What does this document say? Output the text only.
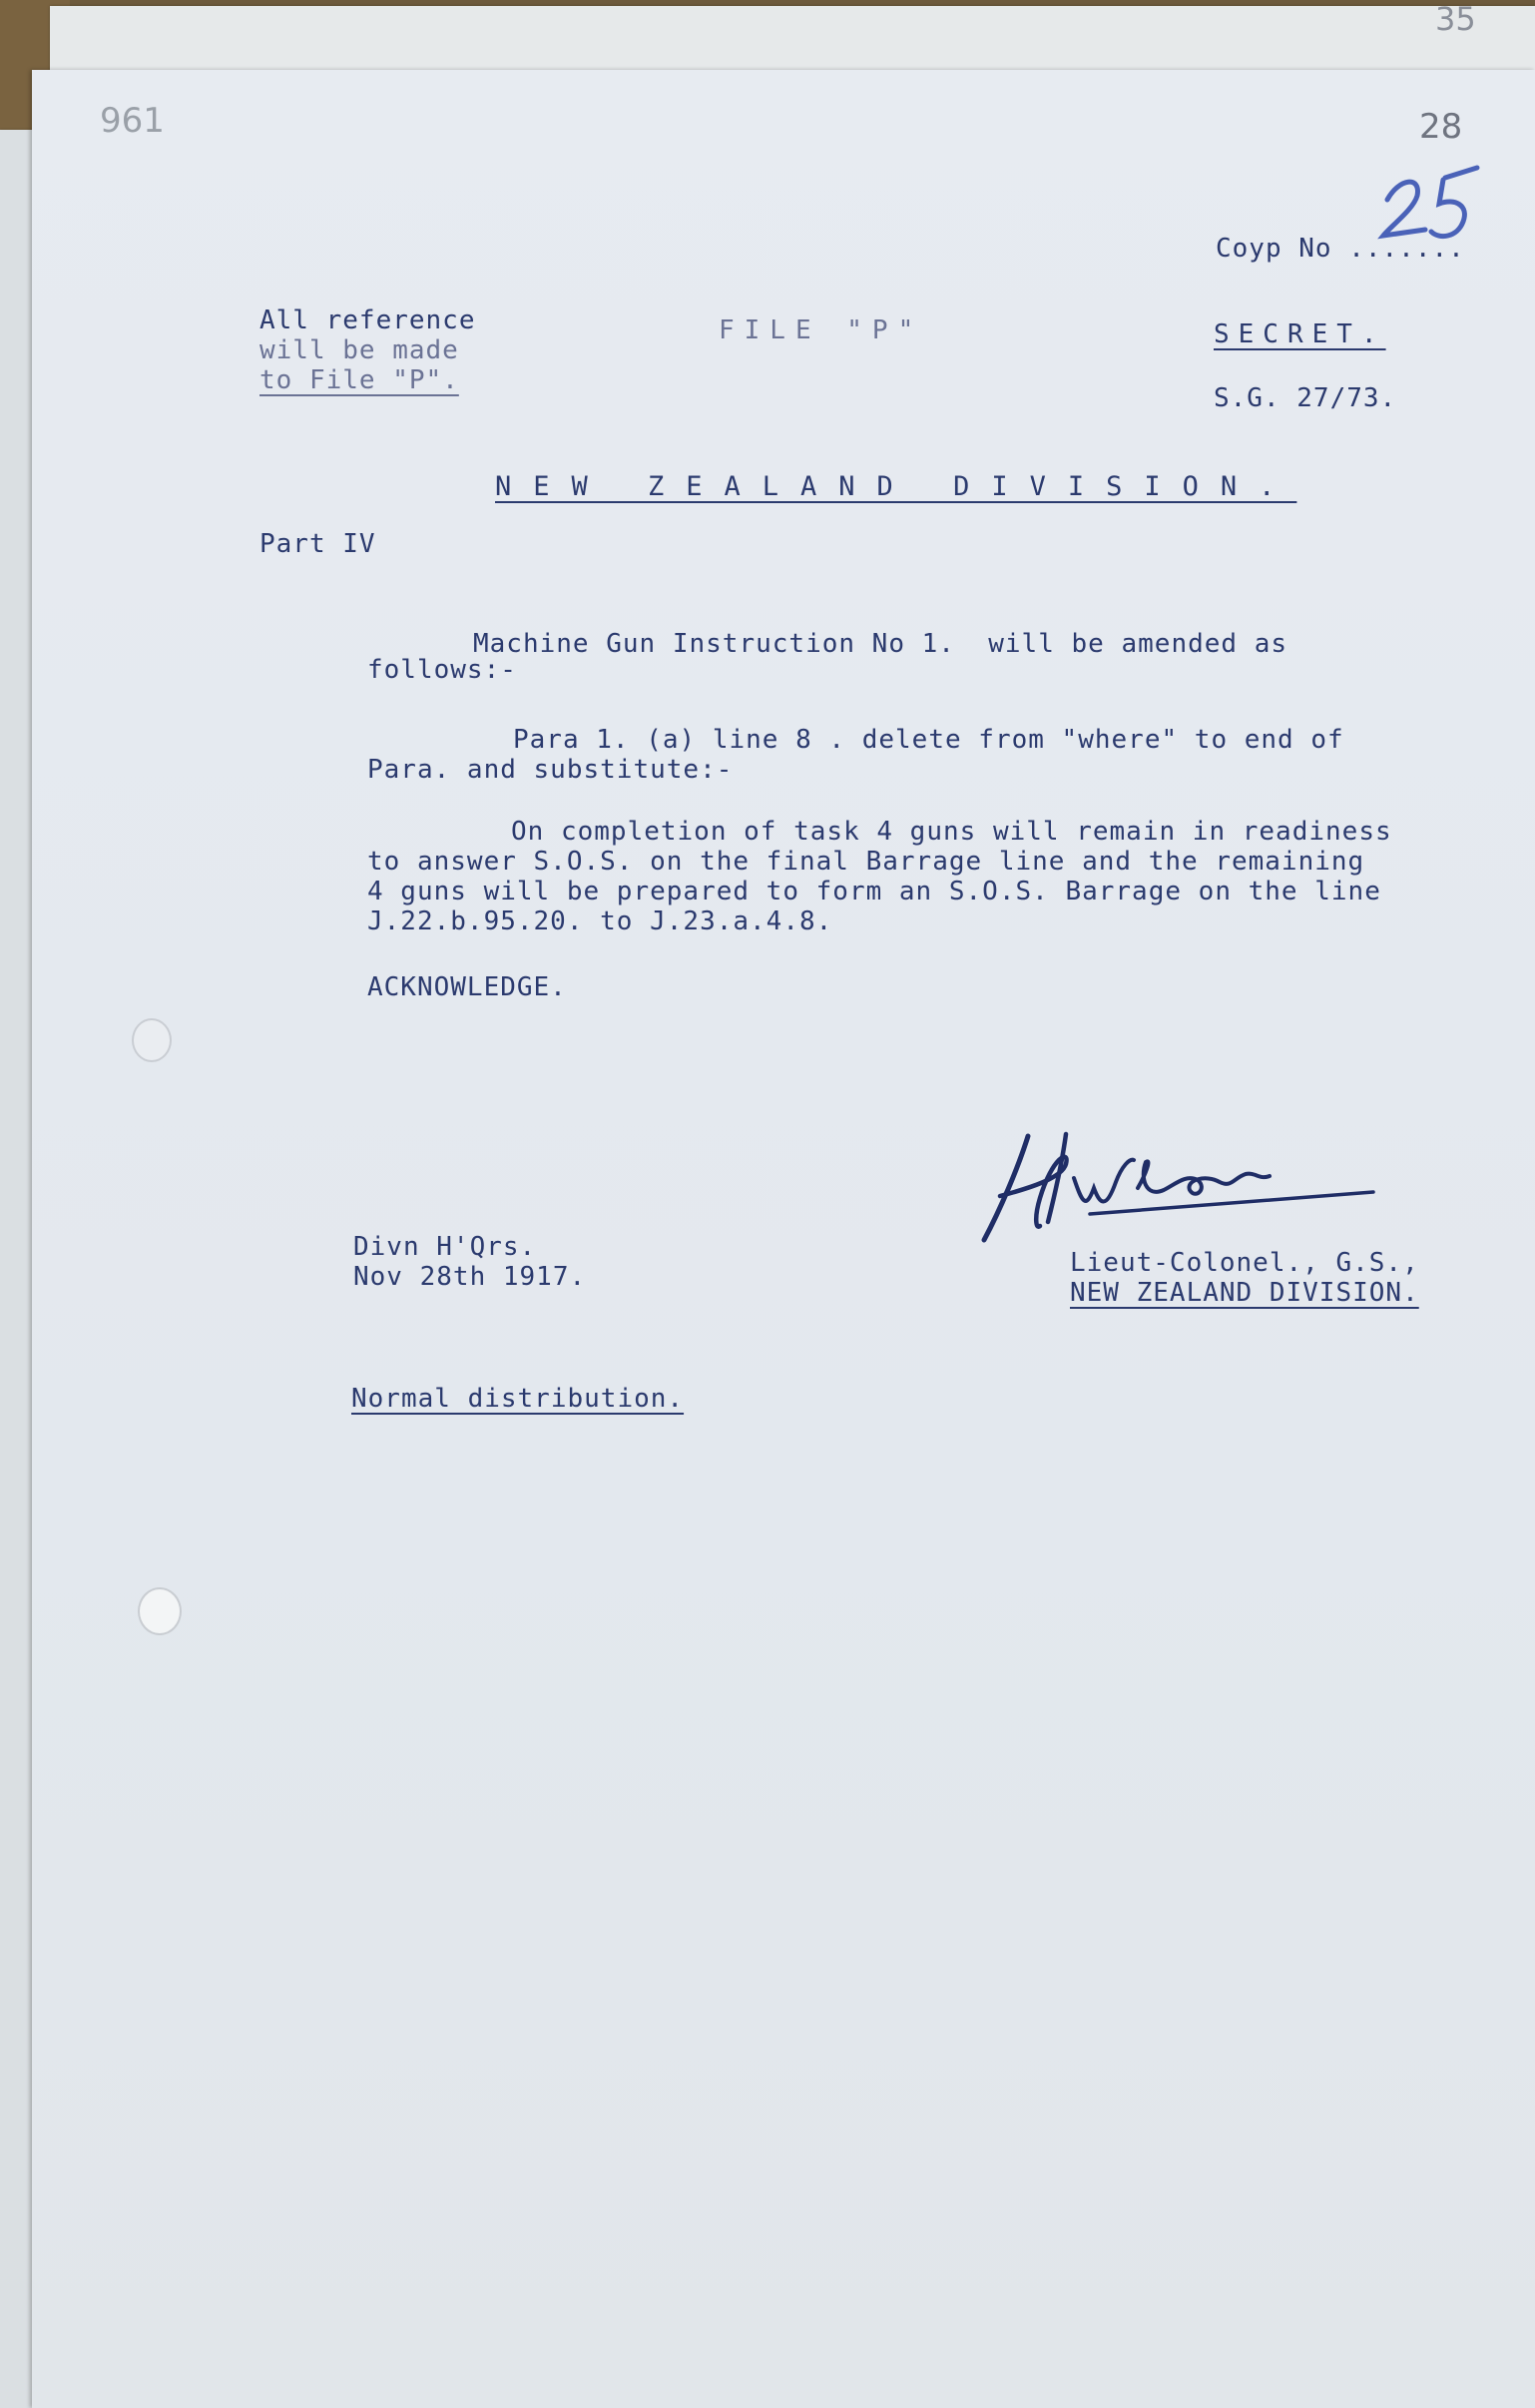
35

961	28

Coyp No .......

All reference

will be made

to File "P".

FILE "P"	SECRET.

S.G. 27/73.

NEW ZEALAND DIVISION.

Part IV

Machine Gun Instruction No 1.  will be amended as

follows:-

Para 1. (a) line 8 . delete from "where" to end of

Para. and substitute:-

On completion of task 4 guns will remain in readiness

to answer S.O.S. on the final Barrage line and the remaining

4 guns will be prepared to form an S.O.S. Barrage on the line

J.22.b.95.20. to J.23.a.4.8.

ACKNOWLEDGE.

Divn H'Qrs.

Nov 28th 1917.	Lieut-Colonel., G.S.,

NEW ZEALAND DIVISION.

Normal distribution.
